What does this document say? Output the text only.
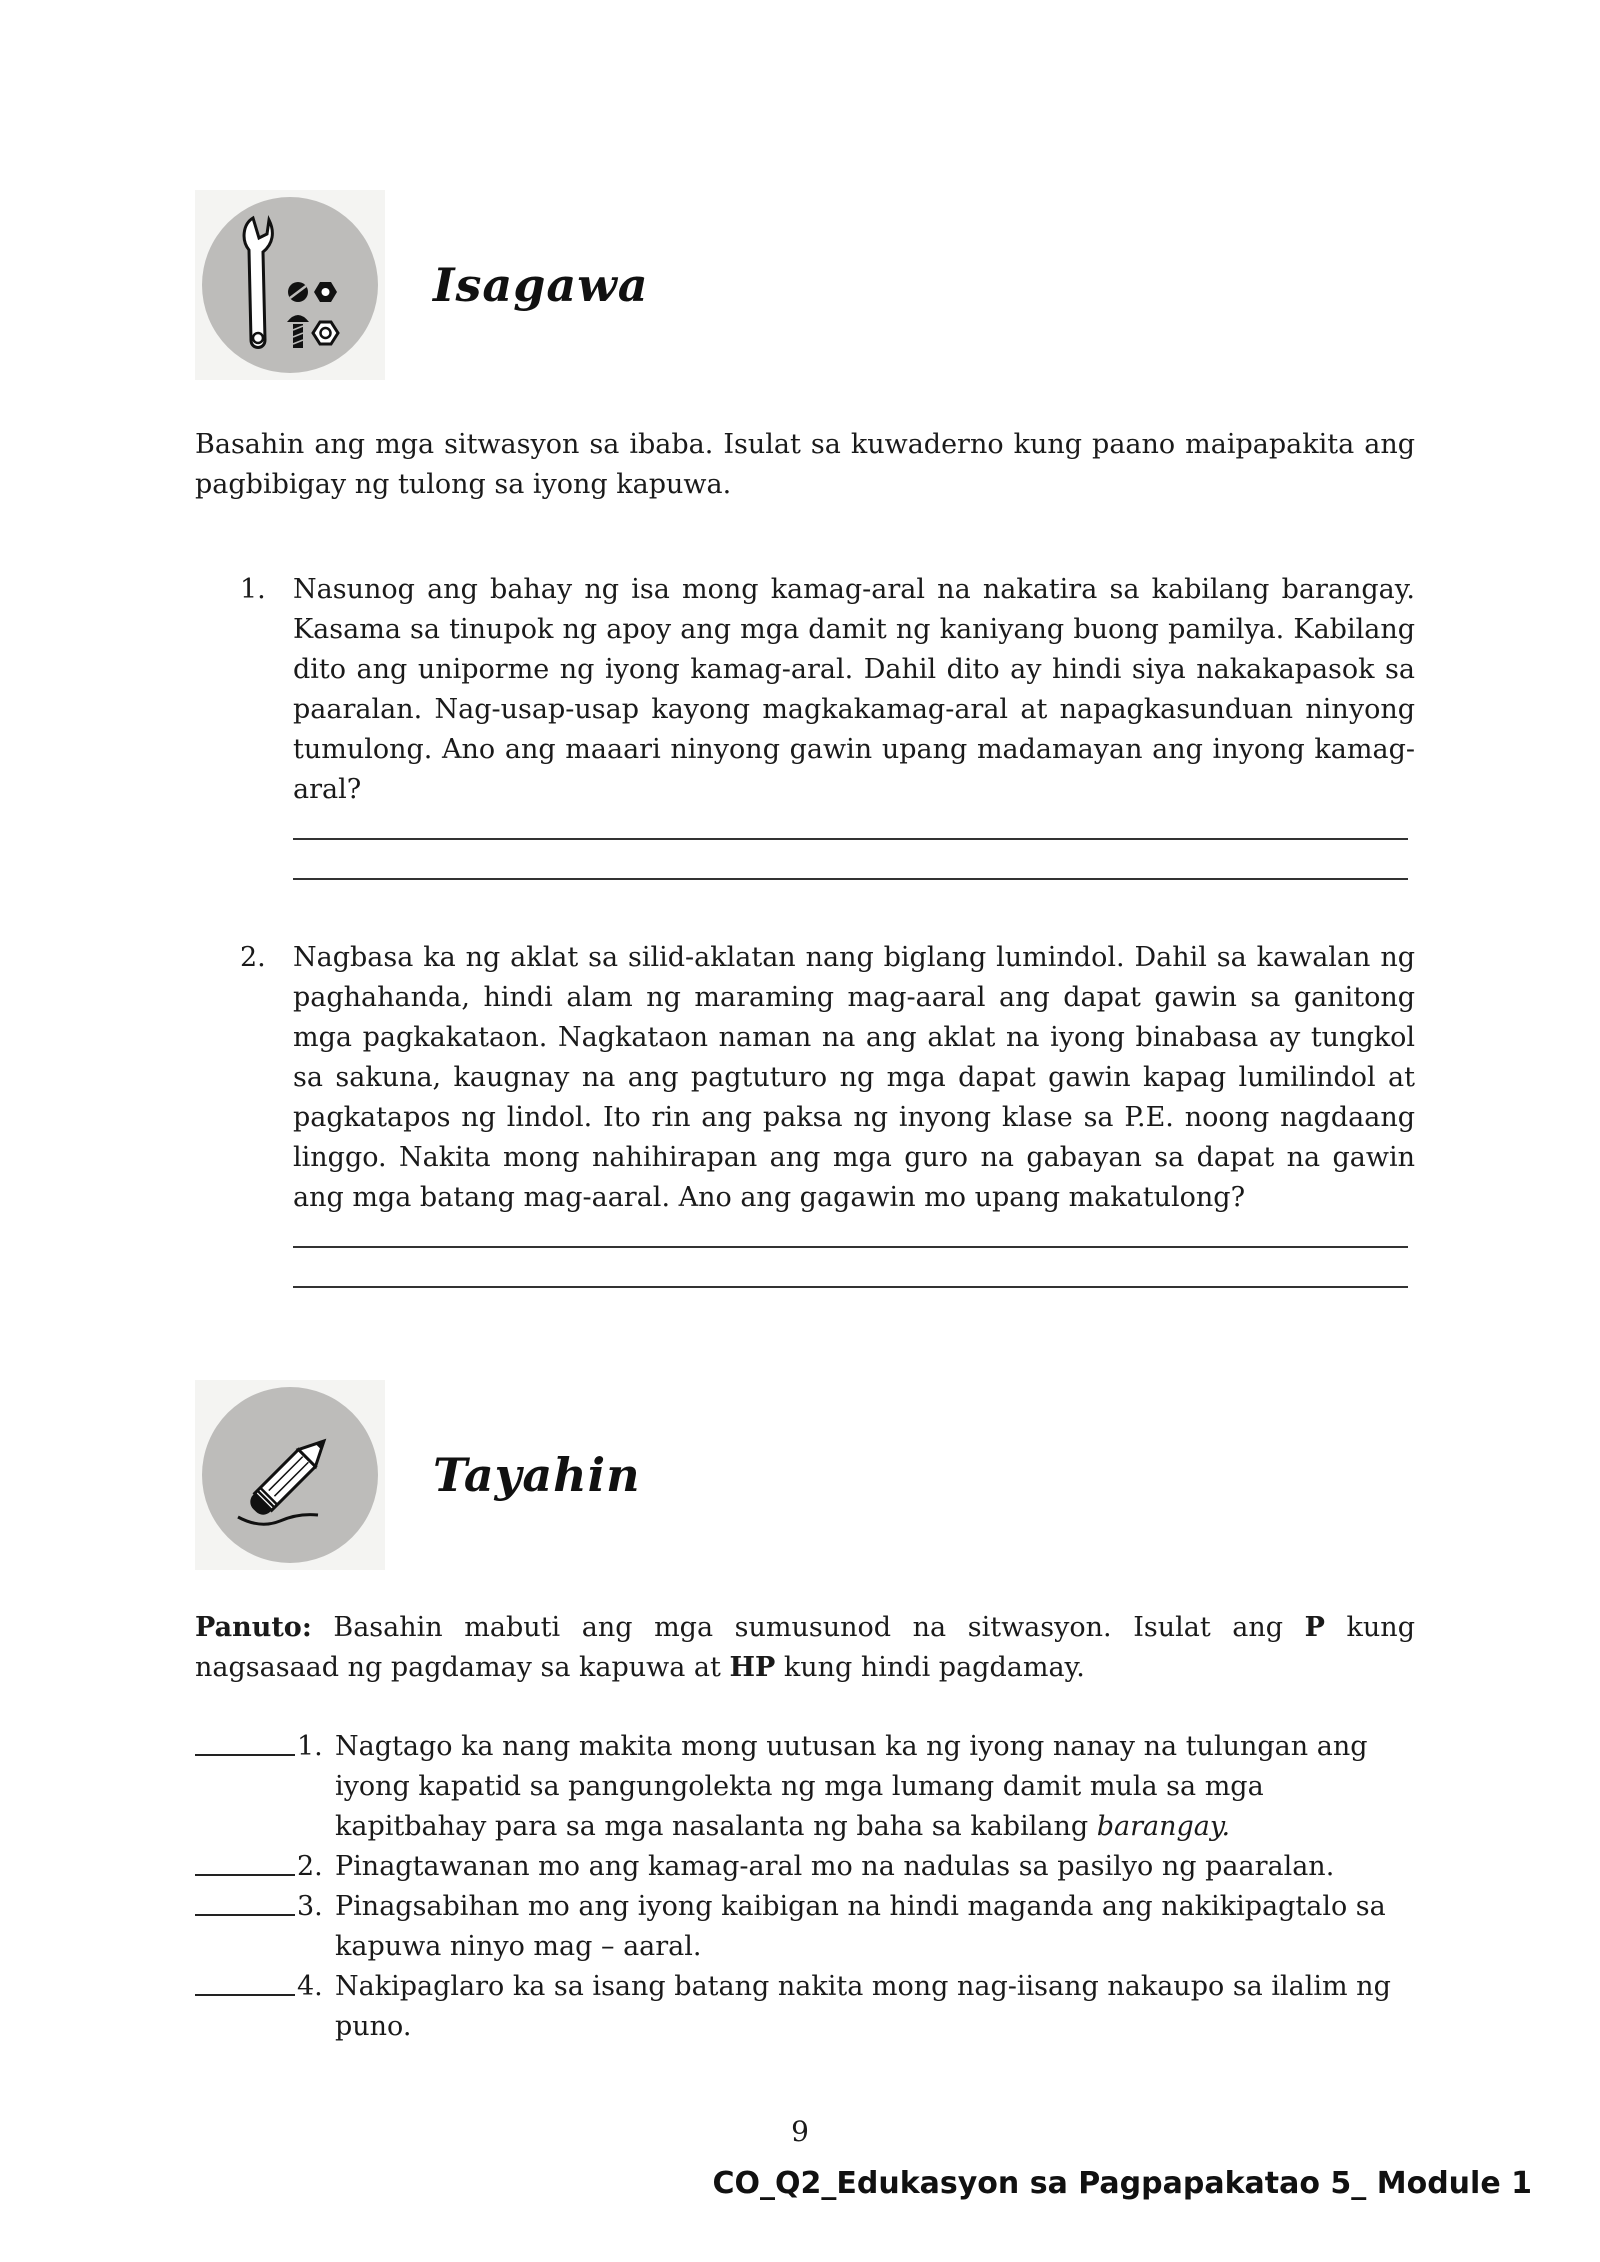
Isagawa
Basahin ang mga sitwasyon sa ibaba. Isulat sa kuwaderno kung paano maipapakita ang pagbibigay ng tulong sa iyong kapuwa.
1. Nasunog ang bahay ng isa mong kamag-aral na nakatira sa kabilang barangay. Kasama sa tinupok ng apoy ang mga damit ng kaniyang buong pamilya. Kabilang dito ang uniporme ng iyong kamag-aral. Dahil dito ay hindi siya nakakapasok sa paaralan. Nag-usap-usap kayong magkakamag-aral at napagkasunduan ninyong tumulong. Ano ang maaari ninyong gawin upang madamayan ang inyong kamag-aral?
2. Nagbasa ka ng aklat sa silid-aklatan nang biglang lumindol. Dahil sa kawalan ng paghahanda, hindi alam ng maraming mag-aaral ang dapat gawin sa ganitong mga pagkakataon. Nagkataon naman na ang aklat na iyong binabasa ay tungkol sa sakuna, kaugnay na ang pagtuturo ng mga dapat gawin kapag lumilindol at pagkatapos ng lindol. Ito rin ang paksa ng inyong klase sa P.E. noong nagdaang linggo. Nakita mong nahihirapan ang mga guro na gabayan sa dapat na gawin ang mga batang mag-aaral. Ano ang gagawin mo upang makatulong?
Tayahin
Panuto: Basahin mabuti ang mga sumusunod na sitwasyon. Isulat ang P kung nagsasaad ng pagdamay sa kapuwa at HP kung hindi pagdamay.
1. Nagtago ka nang makita mong uutusan ka ng iyong nanay na tulungan ang iyong kapatid sa pangungolekta ng mga lumang damit mula sa mga kapitbahay para sa mga nasalanta ng baha sa kabilang barangay.
2. Pinagtawanan mo ang kamag-aral mo na nadulas sa pasilyo ng paaralan.
3. Pinagsabihan mo ang iyong kaibigan na hindi maganda ang nakikipagtalo sa kapuwa ninyo mag – aaral.
4. Nakipaglaro ka sa isang batang nakita mong nag-iisang nakaupo sa ilalim ng puno.
9
CO_Q2_Edukasyon sa Pagpapakatao 5_ Module 1
